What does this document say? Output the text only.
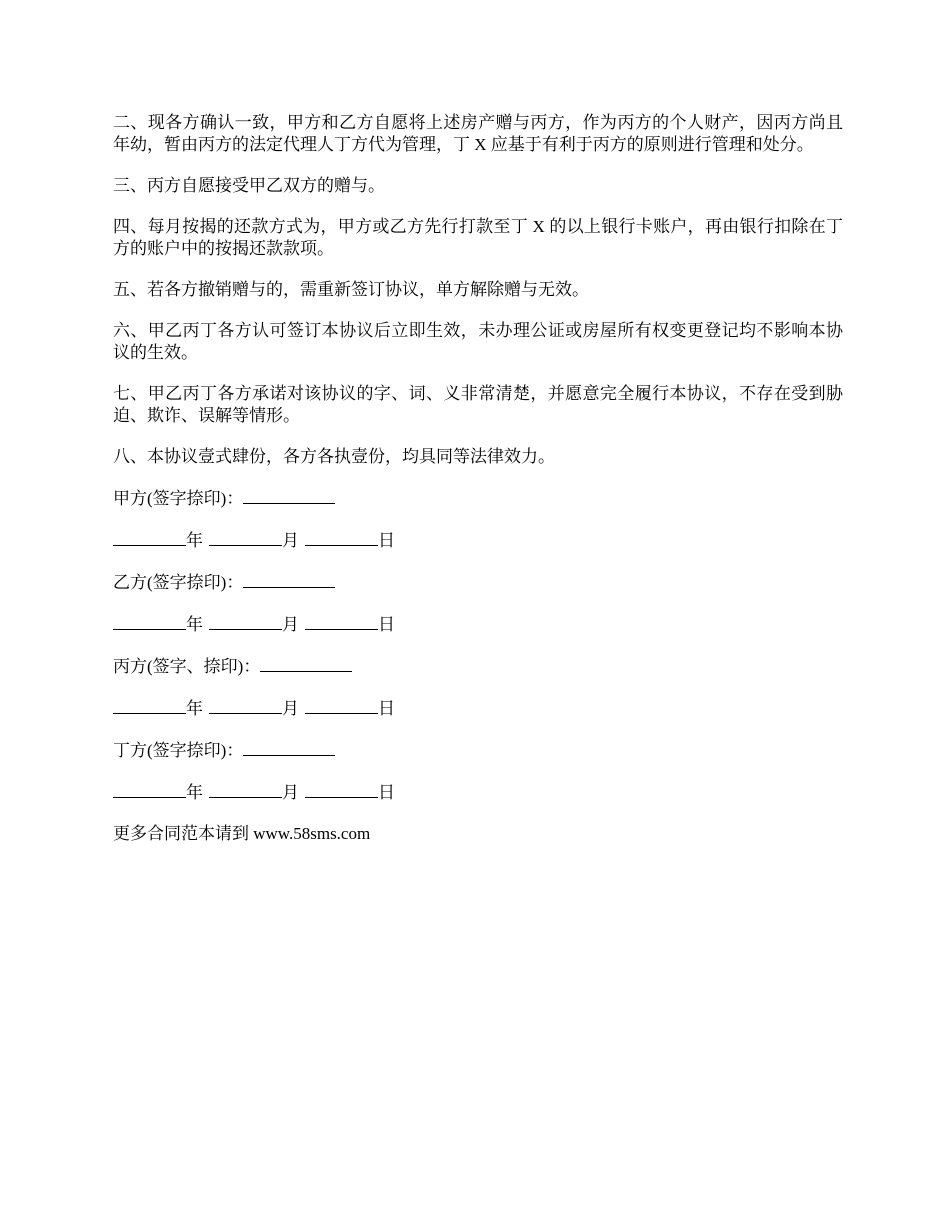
二、现各方确认一致，甲方和乙方自愿将上述房产赠与丙方，作为丙方的个人财产，因丙方尚且年幼，暂由丙方的法定代理人丁方代为管理，丁 X 应基于有利于丙方的原则进行管理和处分。

三、丙方自愿接受甲乙双方的赠与。

四、每月按揭的还款方式为，甲方或乙方先行打款至丁 X 的以上银行卡账户，再由银行扣除在丁方的账户中的按揭还款款项。

五、若各方撤销赠与的，需重新签订协议，单方解除赠与无效。

六、甲乙丙丁各方认可签订本协议后立即生效，未办理公证或房屋所有权变更登记均不影响本协议的生效。

七、甲乙丙丁各方承诺对该协议的字、词、义非常清楚，并愿意完全履行本协议，不存在受到胁迫、欺诈、误解等情形。

八、本协议壹式肆份，各方各执壹份，均具同等法律效力。

甲方(签字捺印)：
年	月	日
乙方(签字捺印)：
年	月	日
丙方(签字、捺印)：
年	月	日
丁方(签字捺印)：
年	月	日

更多合同范本请到 www.58sms.com
